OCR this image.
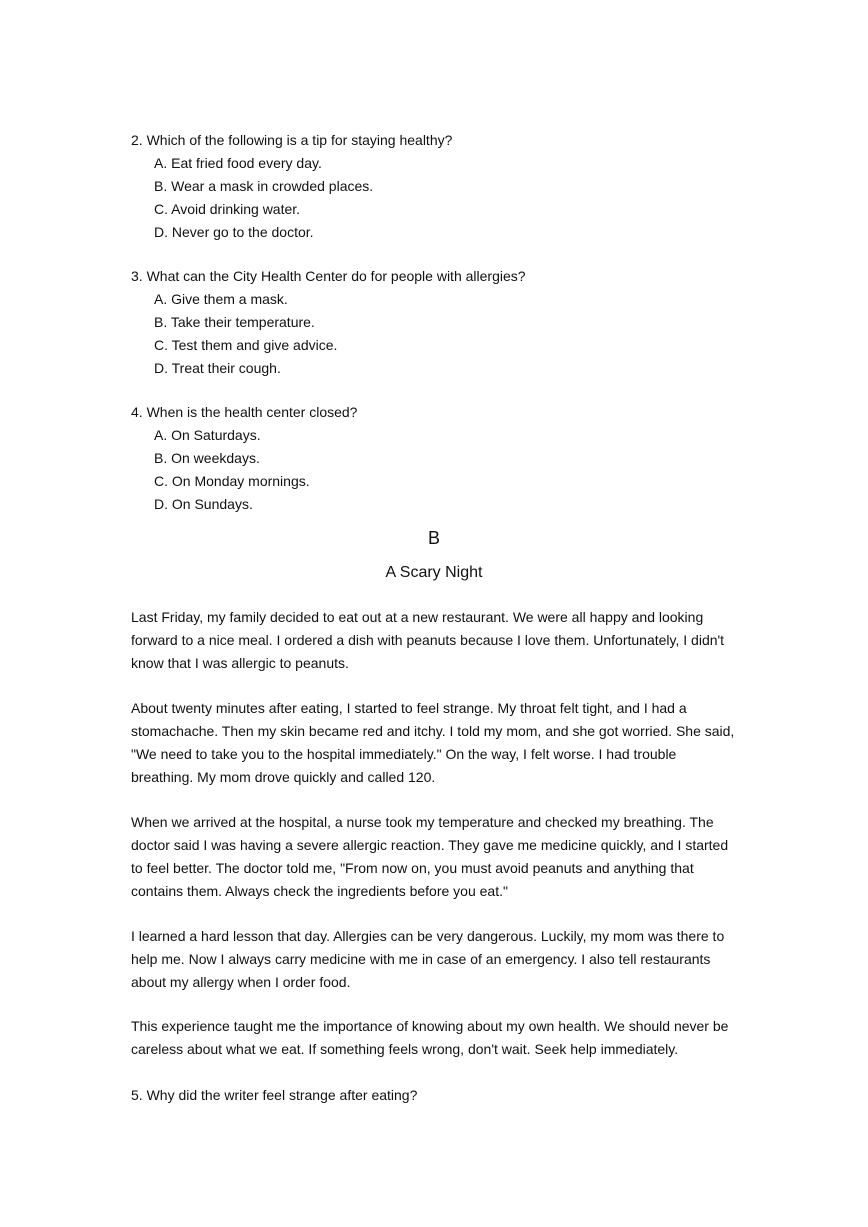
2. Which of the following is a tip for staying healthy?

A. Eat fried food every day.

B. Wear a mask in crowded places.

C. Avoid drinking water.

D. Never go to the doctor.

3. What can the City Health Center do for people with allergies?

A. Give them a mask.

B. Take their temperature.

C. Test them and give advice.

D. Treat their cough.

4. When is the health center closed?

A. On Saturdays.

B. On weekdays.

C. On Monday mornings.

D. On Sundays.

B
A Scary Night

Last Friday, my family decided to eat out at a new restaurant. We were all happy and looking forward to a nice meal. I ordered a dish with peanuts because I love them. Unfortunately, I didn't know that I was allergic to peanuts.

About twenty minutes after eating, I started to feel strange. My throat felt tight, and I had a stomachache. Then my skin became red and itchy. I told my mom, and she got worried. She said, "We need to take you to the hospital immediately." On the way, I felt worse. I had trouble breathing. My mom drove quickly and called 120.

When we arrived at the hospital, a nurse took my temperature and checked my breathing. The doctor said I was having a severe allergic reaction. They gave me medicine quickly, and I started to feel better. The doctor told me, "From now on, you must avoid peanuts and anything that contains them. Always check the ingredients before you eat."

I learned a hard lesson that day. Allergies can be very dangerous. Luckily, my mom was there to help me. Now I always carry medicine with me in case of an emergency. I also tell restaurants about my allergy when I order food.

This experience taught me the importance of knowing about my own health. We should never be careless about what we eat. If something feels wrong, don't wait. Seek help immediately.

5. Why did the writer feel strange after eating?
